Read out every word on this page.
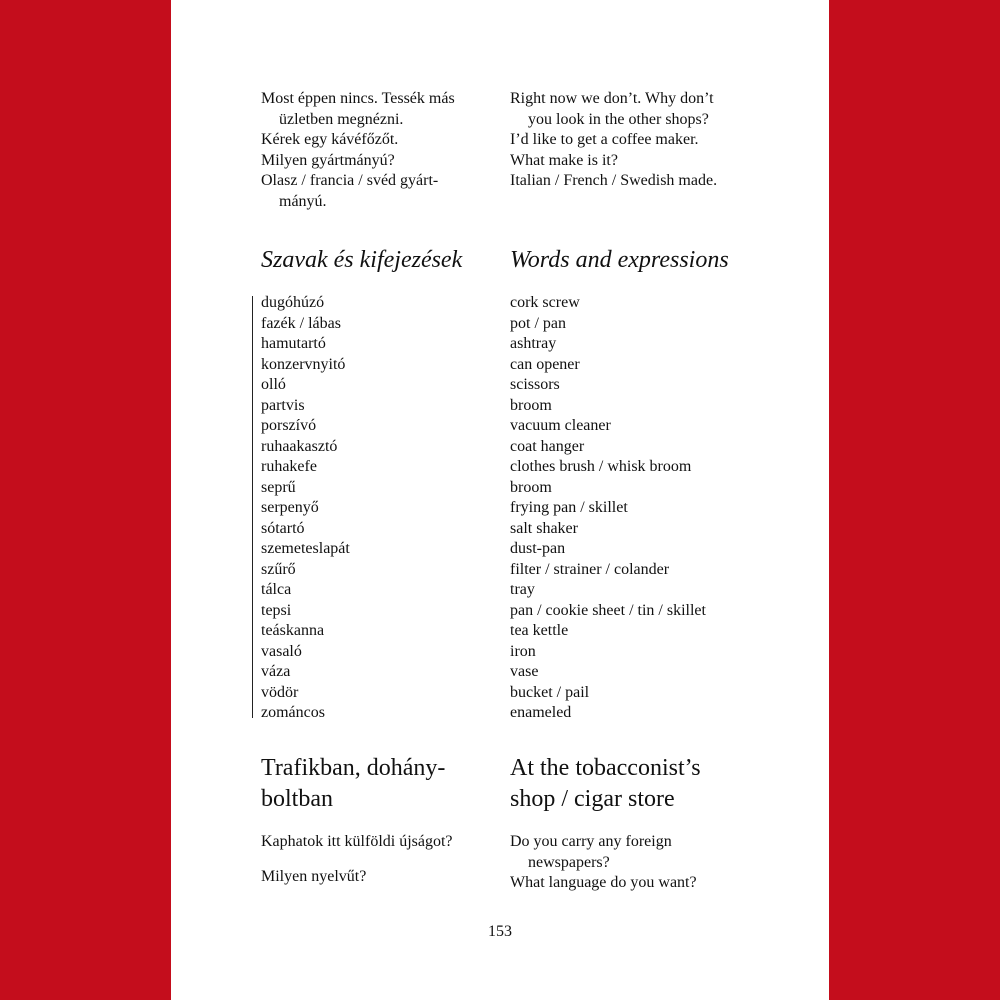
Most éppen nincs. Tessék más
üzletben megnézni.
Kérek egy kávéfőzőt.
Milyen gyártmányú?
Olasz / francia / svéd gyárt-
mányú.
Right now we don’t. Why don’t
you look in the other shops?
I’d like to get a coffee maker.
What make is it?
Italian / French / Swedish made.
Szavak és kifejezések	Words and expressions
dugóhúzó
fazék / lábas
hamutartó
konzervnyitó
olló
partvis
porszívó
ruhaakasztó
ruhakefe
seprű
serpenyő
sótartó
szemeteslapát
szűrő
tálca
tepsi
teáskanna
vasaló
váza
vödör
zománcos
cork screw
pot / pan
ashtray
can opener
scissors
broom
vacuum cleaner
coat hanger
clothes brush / whisk broom
broom
frying pan / skillet
salt shaker
dust-pan
filter / strainer / colander
tray
pan / cookie sheet / tin / skillet
tea kettle
iron
vase
bucket / pail
enameled
Trafikban, dohány-
boltban
At the tobacconist’s
shop / cigar store
Kaphatok itt külföldi újságot?
Milyen nyelvűt?
Do you carry any foreign
newspapers?
What language do you want?
153
